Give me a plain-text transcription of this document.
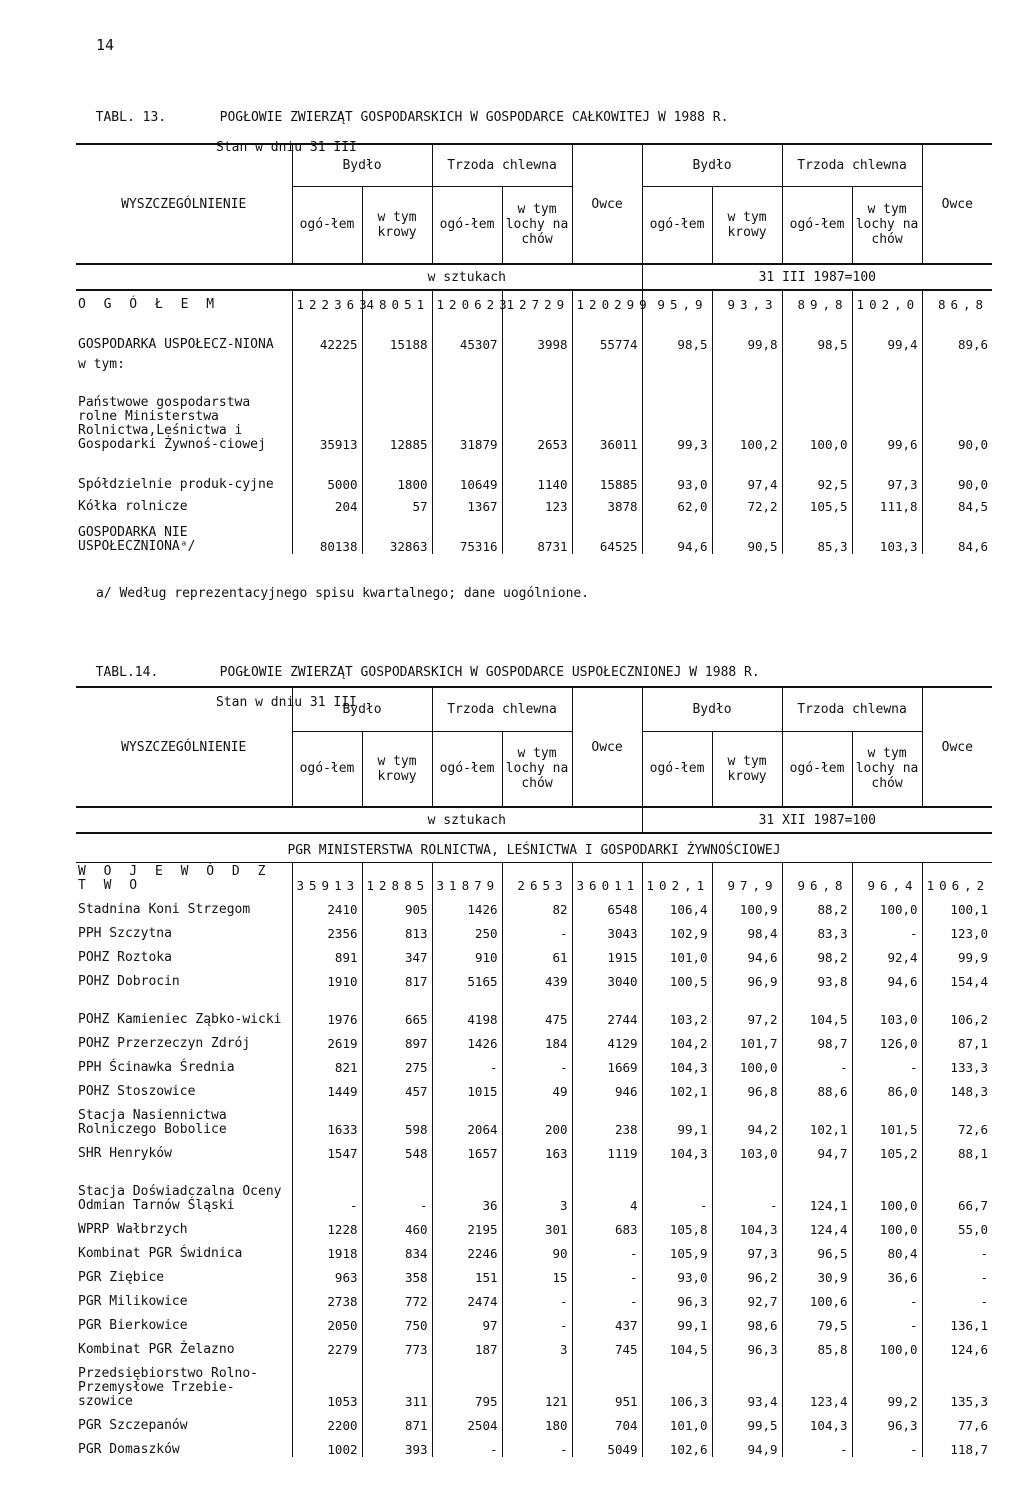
14

TABL. 13.	POGŁOWIE ZWIERZĄT GOSPODARSKICH W GOSPODARCE CAŁKOWITEJ W 1988 R.

Stan w dniu 31 III

WYSZCZEGÓLNIENIE	Bydło		Trzoda chlewna		Owce	Bydło		Trzoda chlewna		Owce
	ogó-łem	w tym krowy	ogó-łem	w tym lochy na chów		ogó-łem	w tym krowy	ogó-łem	w tym lochy na chów	
	w sztukach					31 III 1987=100				
O G Ó Ł E M	122363	48051	120623	12729	120299	95,9	93,3	89,8	102,0	86,8
GOSPODARKA USPOŁECZ-NIONA	42225	15188	45307	3998	55774	98,5	99,8	98,5	99,4	89,6
w tym:										
Państwowe gospodarstwa rolne Ministerstwa Rolnictwa,Leśnictwa i Gospodarki Żywnoś-ciowej	35913	12885	31879	2653	36011	99,3	100,2	100,0	99,6	90,0
Spółdzielnie produk-cyjne	5000	1800	10649	1140	15885	93,0	97,4	92,5	97,3	90,0
Kółka rolnicze	204	57	1367	123	3878	62,0	72,2	105,5	111,8	84,5
GOSPODARKA NIE USPOŁECZNIONAᵃ/	80138	32863	75316	8731	64525	94,6	90,5	85,3	103,3	84,6
a/ Według reprezentacyjnego spisu kwartalnego; dane uogólnione.

TABL.14.	POGŁOWIE ZWIERZĄT GOSPODARSKICH W GOSPODARCE USPOŁECZNIONEJ W 1988 R.

Stan w dniu 31 III

WYSZCZEGÓLNIENIE	Bydło		Trzoda chlewna		Owce	Bydło		Trzoda chlewna		Owce
	ogó-łem	w tym krowy	ogó-łem	w tym lochy na chów		ogó-łem	w tym krowy	ogó-łem	w tym lochy na chów	
	w sztukach					31 XII 1987=100				
PGR MINISTERSTWA ROLNICTWA, LEŚNICTWA I GOSPODARKI ŻYWNOŚCIOWEJ										
W O J E W Ó D Z T W O	35913	12885	31879	2653	36011	102,1	97,9	96,8	96,4	106,2
Stadnina Koni Strzegom	2410	905	1426	82	6548	106,4	100,9	88,2	100,0	100,1
PPH Szczytna	2356	813	250	-	3043	102,9	98,4	83,3	-	123,0
POHZ Roztoka	891	347	910	61	1915	101,0	94,6	98,2	92,4	99,9
POHZ Dobrocin	1910	817	5165	439	3040	100,5	96,9	93,8	94,6	154,4
POHZ Kamieniec Ząbko-wicki	1976	665	4198	475	2744	103,2	97,2	104,5	103,0	106,2
POHZ Przerzeczyn Zdrój	2619	897	1426	184	4129	104,2	101,7	98,7	126,0	87,1
PPH Ścinawka Średnia	821	275	-	-	1669	104,3	100,0	-	-	133,3
POHZ Stoszowice	1449	457	1015	49	946	102,1	96,8	88,6	86,0	148,3
Stacja Nasiennictwa Rolniczego Bobolice	1633	598	2064	200	238	99,1	94,2	102,1	101,5	72,6
SHR Henryków	1547	548	1657	163	1119	104,3	103,0	94,7	105,2	88,1
Stacja Doświadczalna Oceny Odmian Tarnów Śląski	-	-	36	3	4	-	-	124,1	100,0	66,7
WPRP Wałbrzych	1228	460	2195	301	683	105,8	104,3	124,4	100,0	55,0
Kombinat PGR Świdnica	1918	834	2246	90	-	105,9	97,3	96,5	80,4	-
PGR Ziębice	963	358	151	15	-	93,0	96,2	30,9	36,6	-
PGR Milikowice	2738	772	2474	-	-	96,3	92,7	100,6	-	-
PGR Bierkowice	2050	750	97	-	437	99,1	98,6	79,5	-	136,1
Kombinat PGR Żelazno	2279	773	187	3	745	104,5	96,3	85,8	100,0	124,6
Przedsiębiorstwo Rolno-Przemysłowe Trzebie-szowice	1053	311	795	121	951	106,3	93,4	123,4	99,2	135,3
PGR Szczepanów	2200	871	2504	180	704	101,0	99,5	104,3	96,3	77,6
PGR Domaszków	1002	393	-	-	5049	102,6	94,9	-	-	118,7
